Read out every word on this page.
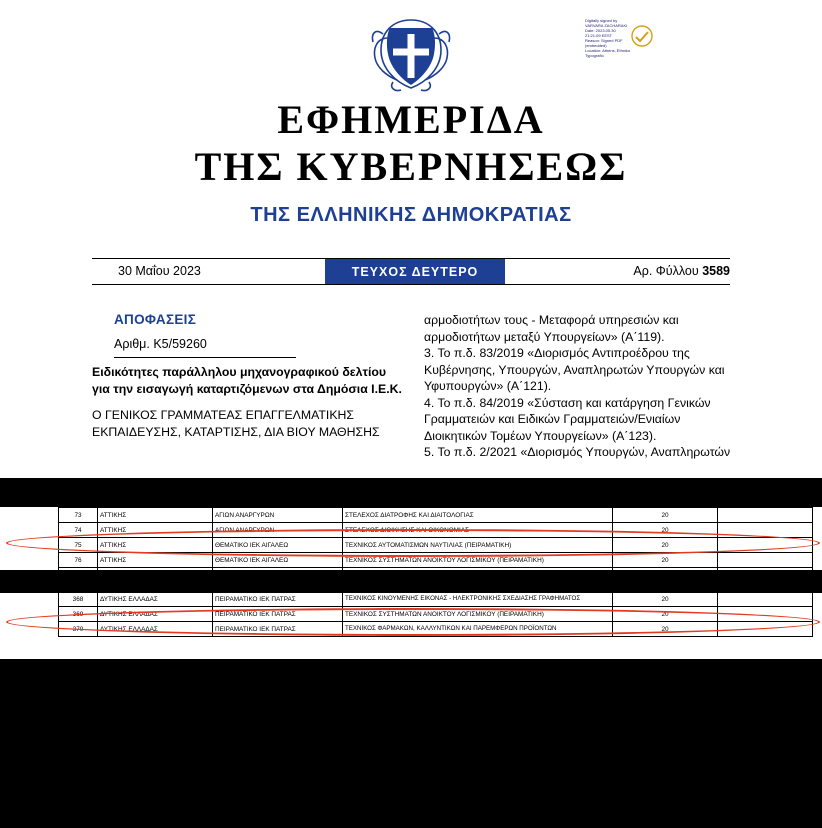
Digitally signed by
VARVARA ZACHARAKI
Date: 2023.05.30
21:21:09 EEST
Reason: Signed PDF
(embedded)
Location: Athens, Ethniko
Typografio
ΕΦΗΜΕΡΙΔΑ
ΤΗΣ ΚΥΒΕΡΝΗΣΕΩΣ
ΤΗΣ ΕΛΛΗΝΙΚΗΣ ΔΗΜΟΚΡΑΤΙΑΣ
30 Μαΐου 2023	ΤΕΥΧΟΣ ΔΕΥΤΕΡΟ	Αρ. Φύλλου 3589
ΑΠΟΦΑΣΕΙΣ
Αριθμ. Κ5/59260
Ειδικότητες παράλληλου μηχανογραφικού δελτίου για την εισαγωγή καταρτιζόμενων στα Δημόσια Ι.Ε.Κ.
Ο ΓΕΝΙΚΟΣ ΓΡΑΜΜΑΤΕΑΣ ΕΠΑΓΓΕΛΜΑΤΙΚΗΣ ΕΚΠΑΙΔΕΥΣΗΣ, ΚΑΤΑΡΤΙΣΗΣ, ΔΙΑ ΒΙΟΥ ΜΑΘΗΣΗΣ
αρμοδιοτήτων τους - Μεταφορά υπηρεσιών και αρμοδιοτήτων μεταξύ Υπουργείων» (Α΄119).
3. Το π.δ. 83/2019 «Διορισμός Αντιπροέδρου της Κυβέρνησης, Υπουργών, Αναπληρωτών Υπουργών και Υφυπουργών» (Α΄121).
4. Το π.δ. 84/2019 «Σύσταση και κατάργηση Γενικών Γραμματειών και Ειδικών Γραμματειών/Ενιαίων Διοικητικών Τομέων Υπουργείων» (Α΄123).
5. Το π.δ. 2/2021 «Διορισμός Υπουργών, Αναπληρωτών
73	ΑΤΤΙΚΗΣ	ΑΓΙΩΝ ΑΝΑΡΓΥΡΩΝ	ΣΤΕΛΕΧΟΣ ΔΙΑΤΡΟΦΗΣ ΚΑΙ ΔΙΑΙΤΟΛΟΓΙΑΣ	20	
74	ΑΤΤΙΚΗΣ	ΑΓΙΩΝ ΑΝΑΡΓΥΡΩΝ	ΣΤΕΛΕΧΟΣ ΔΙΟΙΚΗΣΗΣ ΚΑΙ ΟΙΚΟΝΟΜΙΑΣ	20	
75	ΑΤΤΙΚΗΣ	ΘΕΜΑΤΙΚΟ ΙΕΚ ΑΙΓΑΛΕΩ	ΤΕΧΝΙΚΟΣ ΑΥΤΟΜΑΤΙΣΜΩΝ ΝΑΥΤΙΛΙΑΣ (ΠΕΙΡΑΜΑΤΙΚΗ)	20	
76	ΑΤΤΙΚΗΣ	ΘΕΜΑΤΙΚΟ ΙΕΚ ΑΙΓΑΛΕΩ	ΤΕΧΝΙΚΟΣ ΣΥΣΤΗΜΑΤΩΝ ΑΝΟΙΚΤΟΥ ΛΟΓΙΣΜΙΚΟΥ (ΠΕΙΡΑΜΑΤΙΚΗ)	20	

368	ΔΥΤΙΚΗΣ ΕΛΛΑΔΑΣ	ΠΕΙΡΑΜΑΤΙΚΟ ΙΕΚ ΠΑΤΡΑΣ	ΤΕΧΝΙΚΟΣ ΚΙΝΟΥΜΕΝΗΣ ΕΙΚΟΝΑΣ - ΗΛΕΚΤΡΟΝΙΚΗΣ ΣΧΕΔΙΑΣΗΣ ΓΡΑΦΗΜΑΤΟΣ	20	
369	ΔΥΤΙΚΗΣ ΕΛΛΑΔΑΣ	ΠΕΙΡΑΜΑΤΙΚΟ ΙΕΚ ΠΑΤΡΑΣ	ΤΕΧΝΙΚΟΣ ΣΥΣΤΗΜΑΤΩΝ ΑΝΟΙΚΤΟΥ ΛΟΓΙΣΜΙΚΟΥ (ΠΕΙΡΑΜΑΤΙΚΗ)	20	
370	ΔΥΤΙΚΗΣ ΕΛΛΑΔΑΣ	ΠΕΙΡΑΜΑΤΙΚΟ ΙΕΚ ΠΑΤΡΑΣ	ΤΕΧΝΙΚΟΣ ΦΑΡΜΑΚΩΝ, ΚΑΛΛΥΝΤΙΚΩΝ ΚΑΙ ΠΑΡΕΜΦΕΡΩΝ ΠΡΟΪΟΝΤΩΝ	20	
